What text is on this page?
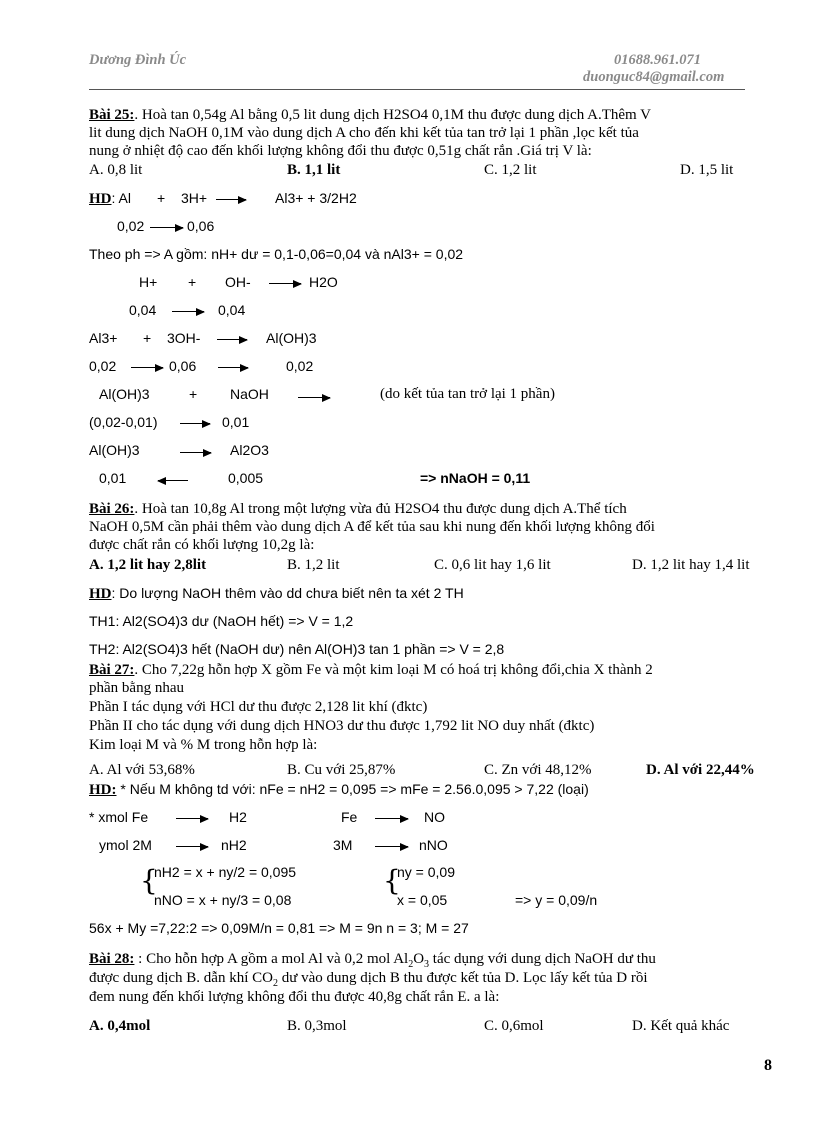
Dương Đình Úc	01688.961.071
duonguc84@gmail.com
Bài 25:. Hoà tan 0,54g Al bằng 0,5 lit dung dịch H2SO4 0,1M thu được dung dịch A.Thêm V
lit dung dịch NaOH 0,1M vào dung dịch A cho đến khi kết tủa tan trở lại 1 phần ,lọc kết tủa
nung ở nhiệt độ cao đến khối lượng không đổi thu được 0,51g chất rắn .Giá trị V là:
A. 0,8 lit	B. 1,1 lit	C. 1,2 lit	D. 1,5 lit
HD: Al + 3H+	Al3+ + 3/2H2
0,02	0,06
Theo ph => A gồm: nH+ dư = 0,1-0,06=0,04 và nAl3+ = 0,02
H+ + OH-	H2O
0,04	0,04
Al3+ + 3OH-	Al(OH)3
0,02	0,06	0,02
Al(OH)3	+ NaOH	(do kết tủa tan trở lại 1 phần)
(0,02-0,01)	0,01
Al(OH)3	Al2O3
0,01	0,005	=> nNaOH = 0,11
Bài 26:. Hoà tan 10,8g Al trong một lượng vừa đủ H2SO4 thu được dung dịch A.Thể tích
NaOH 0,5M cần phải thêm vào dung dịch A để kết tủa sau khi nung đến khối lượng không đổi
được chất rắn có khối lượng 10,2g là:
A. 1,2 lit hay 2,8lit	B. 1,2 lit	C. 0,6 lit hay 1,6 lit	D. 1,2 lit hay 1,4 lit
HD: Do lượng NaOH thêm vào dd chưa biết nên ta xét 2 TH
TH1: Al2(SO4)3 dư (NaOH hết) => V = 1,2
TH2: Al2(SO4)3 hết (NaOH dư) nên Al(OH)3 tan 1 phần => V = 2,8
Bài 27:. Cho 7,22g hỗn hợp X gồm Fe và một kim loại M có hoá trị không đổi,chia X thành 2
phần bằng nhau
Phần I tác dụng với HCl dư thu được 2,128 lit khí (đktc)
Phần II cho tác dụng với dung dịch HNO3 dư thu được 1,792 lit NO duy nhất (đktc)
Kim loại M và % M trong hỗn hợp là:
A. Al với 53,68%	B. Cu với 25,87%	C. Zn với 48,12%	D. Al với 22,44%
HD: * Nếu M không td với: nFe = nH2 = 0,095 => mFe = 2.56.0,095 > 7,22 (loại)
* xmol Fe	H2	Fe	NO
ymol 2M	nH2	3M	nNO
{
nH2 = x + ny/2 = 0,095
nNO = x + ny/3 = 0,08
{
ny = 0,09
x = 0,05	=> y = 0,09/n
56x + My =7,22:2 => 0,09M/n = 0,81 => M = 9n n = 3; M = 27
Bài 28: : Cho hỗn hợp A gồm a mol Al và 0,2 mol $Al_2O_3$ tác dụng với dung dịch NaOH dư thu
được dung dịch B. dẫn khí $CO_2$ dư vào dung dịch B thu được kết tủa D. Lọc lấy kết tủa D rồi
đem nung đến khối lượng không đổi thu được 40,8g chất rắn E. a là:
A. 0,4mol	B. 0,3mol	C. 0,6mol	D. Kết quả khác
8
